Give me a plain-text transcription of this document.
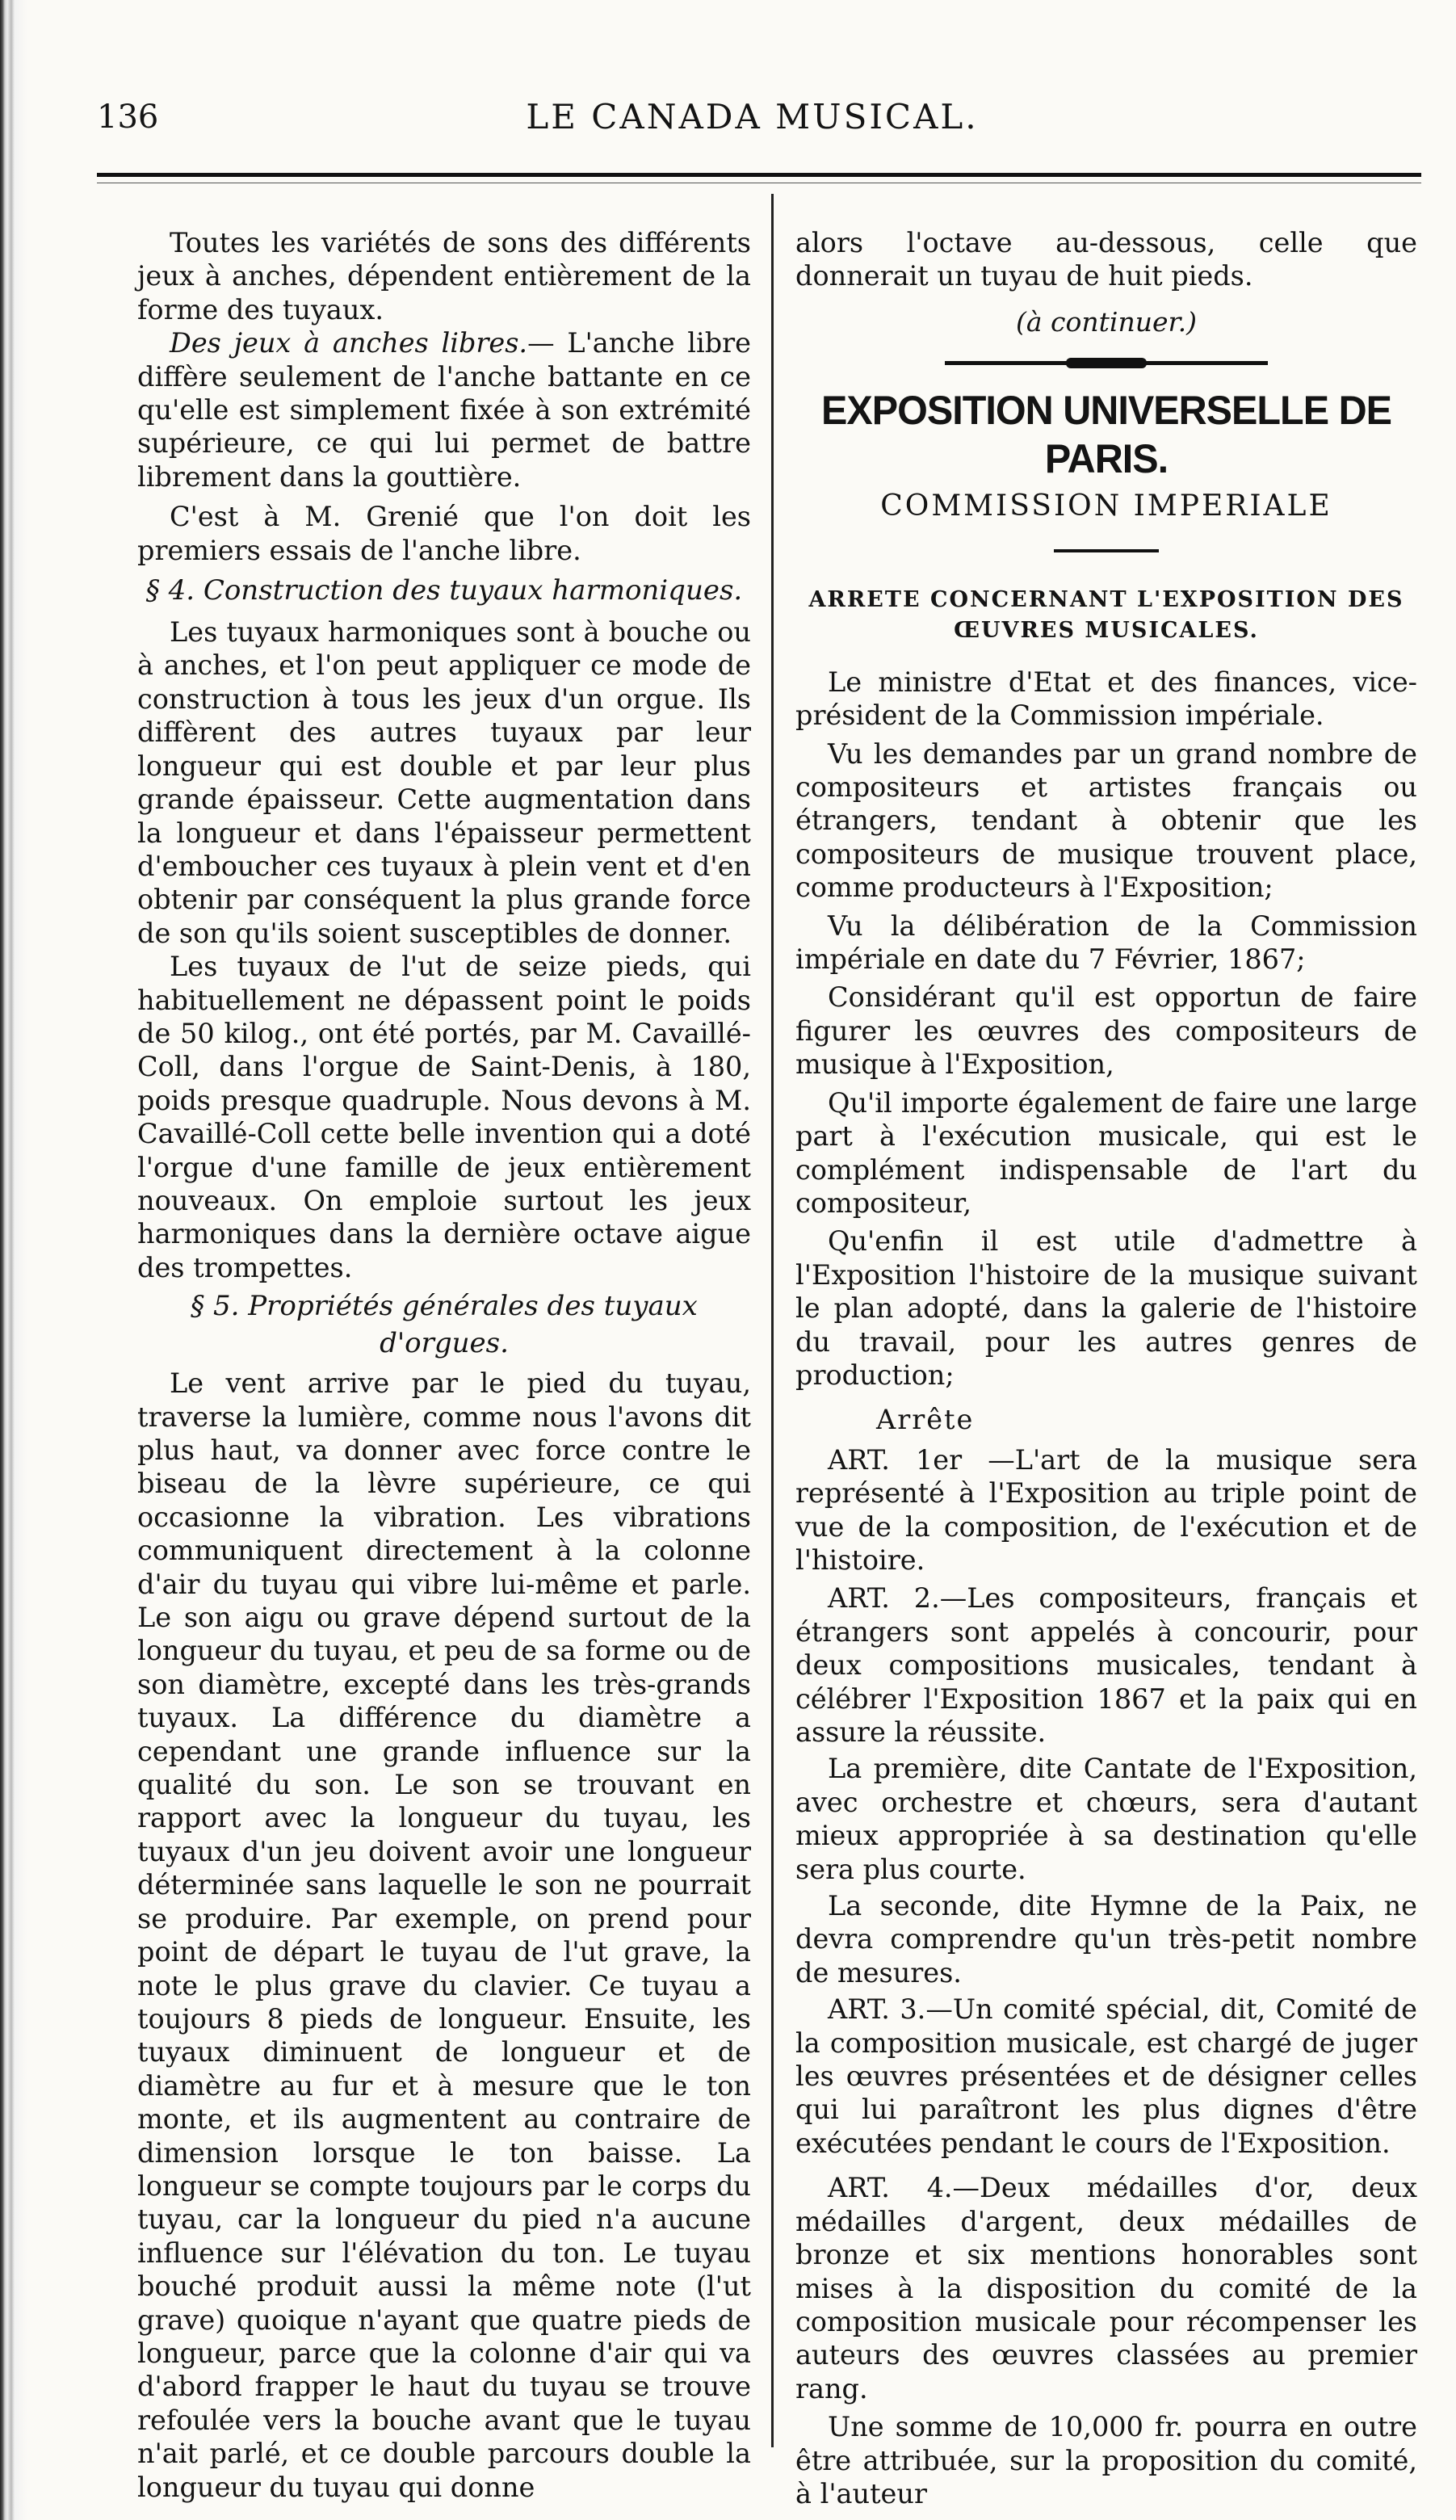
136	LE CANADA MUSICAL.

Toutes les variétés de sons des différents jeux à anches, dépendent entièrement de la forme des tuyaux.

Des jeux à anches libres.— L'anche libre diffère seulement de l'anche battante en ce qu'elle est simplement fixée à son extrémité supérieure, ce qui lui permet de battre librement dans la gouttière.

C'est à M. Grenié que l'on doit les premiers essais de l'anche libre.

§ 4. Construction des tuyaux harmoniques.

Les tuyaux harmoniques sont à bouche ou à anches, et l'on peut appliquer ce mode de construction à tous les jeux d'un orgue. Ils diffèrent des autres tuyaux par leur longueur qui est double et par leur plus grande épaisseur. Cette augmentation dans la longueur et dans l'épaisseur permettent d'emboucher ces tuyaux à plein vent et d'en obtenir par conséquent la plus grande force de son qu'ils soient susceptibles de donner.

Les tuyaux de l'ut de seize pieds, qui habituellement ne dépassent point le poids de 50 kilog., ont été portés, par M. Cavaillé-Coll, dans l'orgue de Saint-Denis, à 180, poids presque quadruple. Nous devons à M. Cavaillé-Coll cette belle invention qui a doté l'orgue d'une famille de jeux entièrement nouveaux. On emploie surtout les jeux harmoniques dans la dernière octave aigue des trompettes.

§ 5. Propriétés générales des tuyaux d'orgues.

Le vent arrive par le pied du tuyau, traverse la lumière, comme nous l'avons dit plus haut, va donner avec force contre le biseau de la lèvre supérieure, ce qui occasionne la vibration. Les vibrations communiquent directement à la colonne d'air du tuyau qui vibre lui-même et parle. Le son aigu ou grave dépend surtout de la longueur du tuyau, et peu de sa forme ou de son diamètre, excepté dans les très-grands tuyaux. La différence du diamètre a cependant une grande influence sur la qualité du son. Le son se trouvant en rapport avec la longueur du tuyau, les tuyaux d'un jeu doivent avoir une longueur déterminée sans laquelle le son ne pourrait se produire. Par exemple, on prend pour point de départ le tuyau de l'ut grave, la note le plus grave du clavier. Ce tuyau a toujours 8 pieds de longueur. Ensuite, les tuyaux diminuent de longueur et de diamètre au fur et à mesure que le ton monte, et ils augmentent au contraire de dimension lorsque le ton baisse. La longueur se compte toujours par le corps du tuyau, car la longueur du pied n'a aucune influence sur l'élévation du ton. Le tuyau bouché produit aussi la même note (l'ut grave) quoique n'ayant que quatre pieds de longueur, parce que la colonne d'air qui va d'abord frapper le haut du tuyau se trouve refoulée vers la bouche avant que le tuyau n'ait parlé, et ce double parcours double la longueur du tuyau qui donne

alors l'octave au-dessous, celle que donnerait un tuyau de huit pieds.

(à continuer.)

EXPOSITION UNIVERSELLE DE PARIS.

COMMISSION IMPERIALE

ARRETE CONCERNANT L'EXPOSITION DES ŒUVRES MUSICALES.

Le ministre d'Etat et des finances, vice-président de la Commission impériale.

Vu les demandes par un grand nombre de compositeurs et artistes français ou étrangers, tendant à obtenir que les compositeurs de musique trouvent place, comme producteurs à l'Exposition;

Vu la délibération de la Commission impériale en date du 7 Février, 1867;

Considérant qu'il est opportun de faire figurer les œuvres des compositeurs de musique à l'Exposition,

Qu'il importe également de faire une large part à l'exécution musicale, qui est le complément indispensable de l'art du compositeur,

Qu'enfin il est utile d'admettre à l'Exposition l'histoire de la musique suivant le plan adopté, dans la galerie de l'histoire du travail, pour les autres genres de production;

Arrête

ART. 1er —L'art de la musique sera représenté à l'Exposition au triple point de vue de la composition, de l'exécution et de l'histoire.

ART. 2.—Les compositeurs, français et étrangers sont appelés à concourir, pour deux compositions musicales, tendant à célébrer l'Exposition 1867 et la paix qui en assure la réussite.

La première, dite Cantate de l'Exposition, avec orchestre et chœurs, sera d'autant mieux appropriée à sa destination qu'elle sera plus courte.

La seconde, dite Hymne de la Paix, ne devra comprendre qu'un très-petit nombre de mesures.

ART. 3.—Un comité spécial, dit, Comité de la composition musicale, est chargé de juger les œuvres présentées et de désigner celles qui lui paraîtront les plus dignes d'être exécutées pendant le cours de l'Exposition.

ART. 4.—Deux médailles d'or, deux médailles d'argent, deux médailles de bronze et six mentions honorables sont mises à la disposition du comité de la composition musicale pour récompenser les auteurs des œuvres classées au premier rang.

Une somme de 10,000 fr. pourra en outre être attribuée, sur la proposition du comité, à l'auteur
